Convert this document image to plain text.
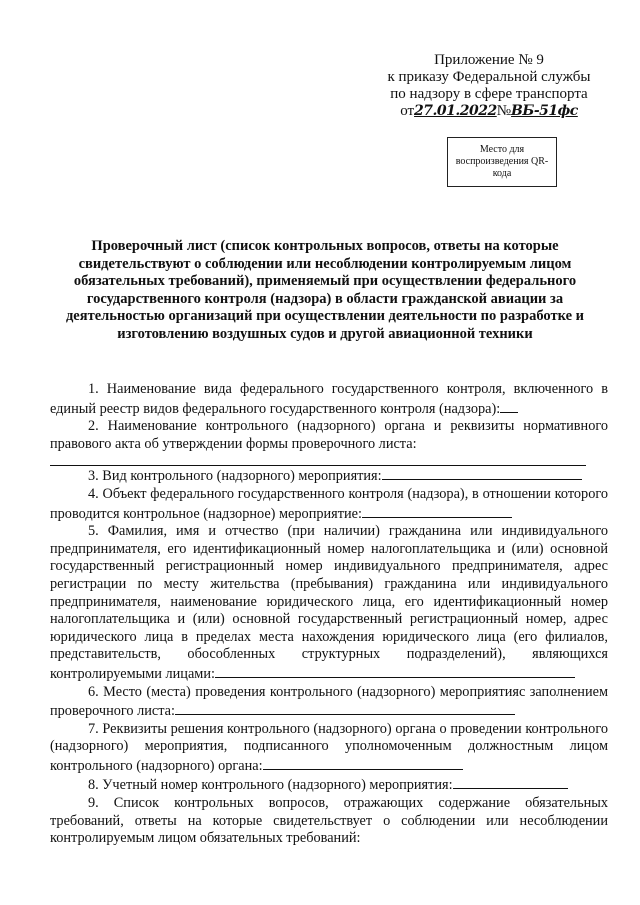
Приложение № 9
к приказу Федеральной службы
по надзору в сфере транспорта
от27.01.2022№ВБ-51фс
Место для воспроизведения QR-кода
Проверочный лист (список контрольных вопросов, ответы на которые свидетельствуют о соблюдении или несоблюдении контролируемым лицом обязательных требований), применяемый при осуществлении федерального государственного контроля (надзора) в области гражданской авиации за деятельностью организаций при осуществлении деятельности по разработке и изготовлению воздушных судов и другой авиационной техники

1. Наименование вида федерального государственного контроля, включенного в единый реестр видов федерального государственного контроля (надзора):

2. Наименование контрольного (надзорного) органа и реквизиты нормативного правового акта об утверждении формы проверочного листа:

3. Вид контрольного (надзорного) мероприятия:

4. Объект федерального государственного контроля (надзора), в отношении которого проводится контрольное (надзорное) мероприятие:

5. Фамилия, имя и отчество (при наличии) гражданина или индивидуального предпринимателя, его идентификационный номер налогоплательщика и (или) основной государственный регистрационный номер индивидуального предпринимателя, адрес регистрации по месту жительства (пребывания) гражданина или индивидуального предпринимателя, наименование юридического лица, его идентификационный номер налогоплательщика и (или) основной государственный регистрационный номер, адрес юридического лица в пределах места нахождения юридического лица (его филиалов, представительств, обособленных структурных подразделений), являющихся контролируемыми лицами:

6. Место (места) проведения контрольного (надзорного) мероприятияс заполнением проверочного листа:

7. Реквизиты решения контрольного (надзорного) органа о проведении контрольного (надзорного) мероприятия, подписанного уполномоченным должностным лицом контрольного (надзорного) органа:

8. Учетный номер контрольного (надзорного) мероприятия:

9. Список контрольных вопросов, отражающих содержание обязательных требований, ответы на которые свидетельствует о соблюдении или несоблюдении контролируемым лицом обязательных требований:
